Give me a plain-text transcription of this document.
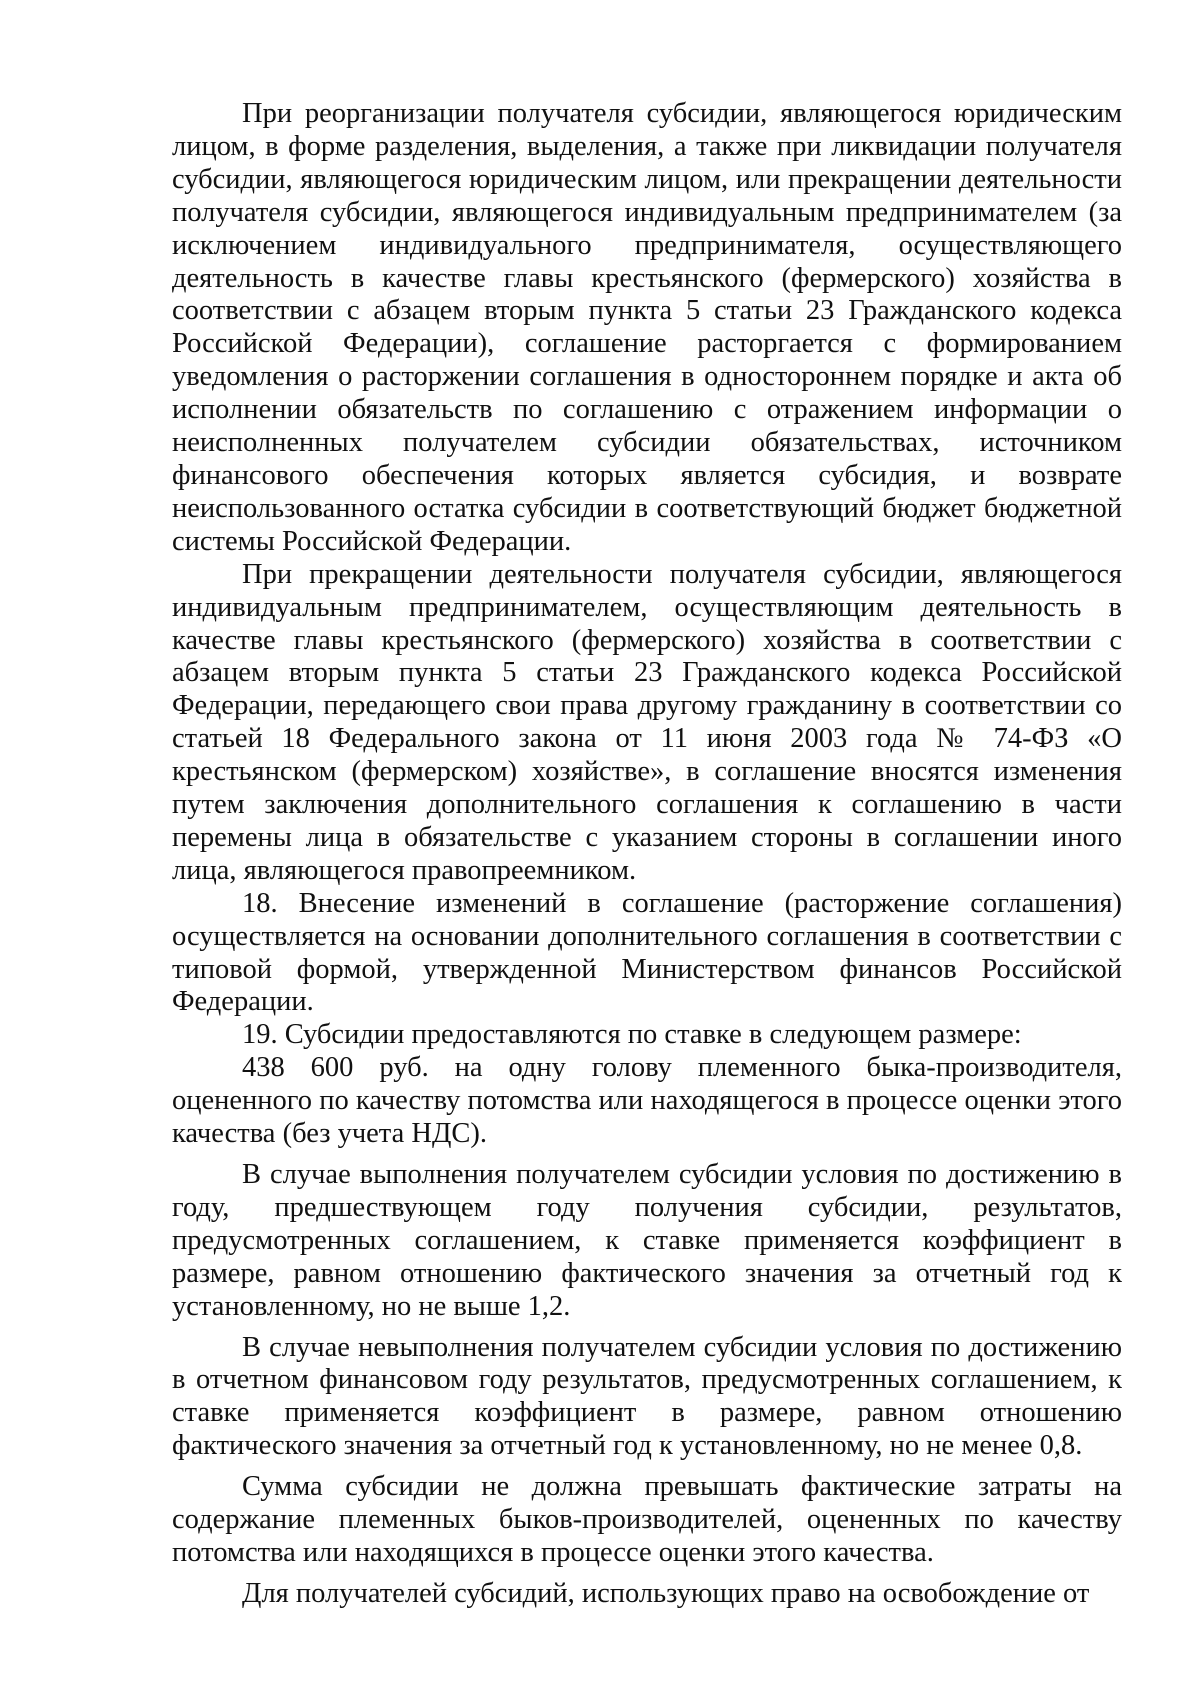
При реорганизации получателя субсидии, являющегося юридическим лицом, в форме разделения, выделения, а также при ликвидации получателя субсидии, являющегося юридическим лицом, или прекращении деятельности получателя субсидии, являющегося индивидуальным предпринимателем (за исключением индивидуального предпринимателя, осуществляющего деятельность в качестве главы крестьянского (фермерского) хозяйства в соответствии с абзацем вторым пункта 5 статьи 23 Гражданского кодекса Российской Федерации), соглашение расторгается с формированием уведомления о расторжении соглашения в одностороннем порядке и акта об исполнении обязательств по соглашению с отражением информации о неисполненных получателем субсидии обязательствах, источником финансового обеспечения которых является субсидия, и возврате неиспользованного остатка субсидии в соответствующий бюджет бюджетной системы Российской Федерации.

При прекращении деятельности получателя субсидии, являющегося индивидуальным предпринимателем, осуществляющим деятельность в качестве главы крестьянского (фермерского) хозяйства в соответствии с абзацем вторым пункта 5 статьи 23 Гражданского кодекса Российской Федерации, передающего свои права другому гражданину в соответствии со статьей 18 Федерального закона от 11 июня 2003 года № 74-ФЗ «О крестьянском (фермерском) хозяйстве», в соглашение вносятся изменения путем заключения дополнительного соглашения к соглашению в части перемены лица в обязательстве с указанием стороны в соглашении иного лица, являющегося правопреемником.

18. Внесение изменений в соглашение (расторжение соглашения) осуществляется на основании дополнительного соглашения в соответствии с типовой формой, утвержденной Министерством финансов Российской Федерации.

19. Субсидии предоставляются по ставке в следующем размере:

438 600 руб. на одну голову племенного быка-производителя, оцененного по качеству потомства или находящегося в процессе оценки этого качества (без учета НДС).

В случае выполнения получателем субсидии условия по достижению в году, предшествующем году получения субсидии, результатов, предусмотренных соглашением, к ставке применяется коэффициент в размере, равном отношению фактического значения за отчетный год к установленному, но не выше 1,2.

В случае невыполнения получателем субсидии условия по достижению в отчетном финансовом году результатов, предусмотренных соглашением, к ставке применяется коэффициент в размере, равном отношению фактического значения за отчетный год к установленному, но не менее 0,8.

Сумма субсидии не должна превышать фактические затраты на содержание племенных быков-производителей, оцененных по качеству потомства или находящихся в процессе оценки этого качества.

Для получателей субсидий, использующих право на освобождение от
